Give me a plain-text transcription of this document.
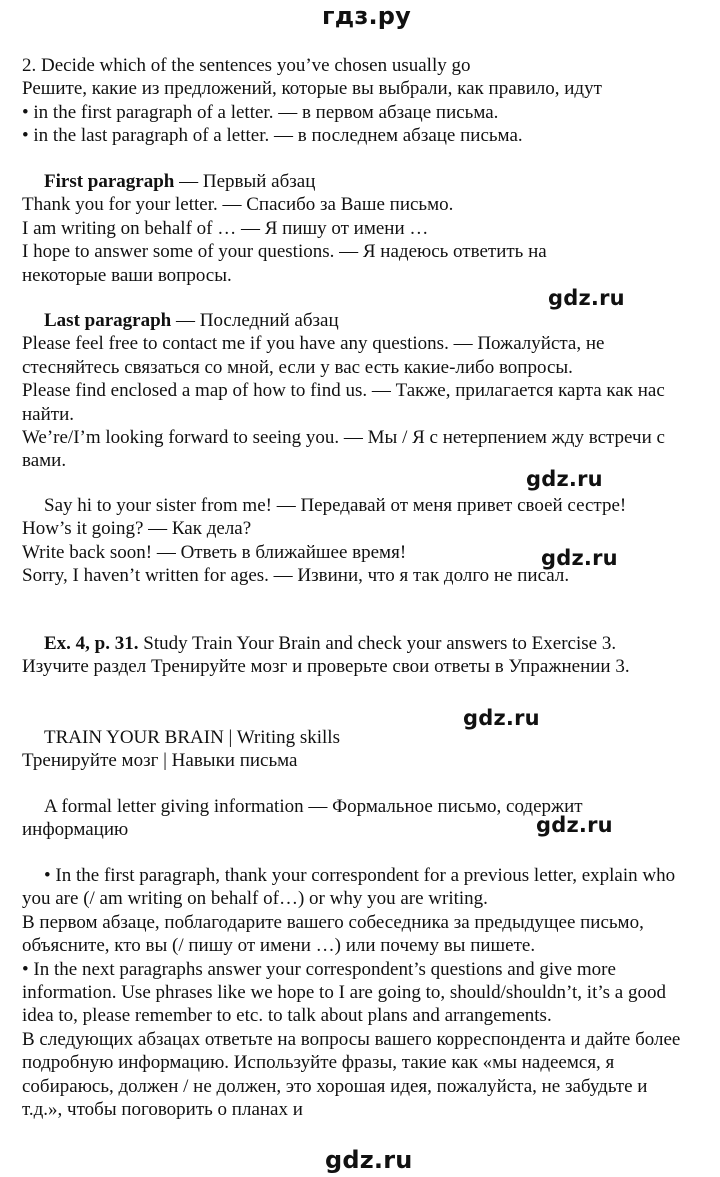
гдз.ру

2. Decide which of the sentences you’ve chosen usually go

Решите, какие из предложений, которые вы выбрали, как правило, идут

• in the first paragraph of a letter. — в первом абзаце письма.

• in the last paragraph of a letter. — в последнем абзаце письма.

First paragraph — Первый абзац

Thank you for your letter. — Спасибо за Ваше письмо.

I am writing on behalf of … — Я пишу от имени …

I hope to answer some of your questions. — Я надеюсь ответить на некоторые ваши вопросы.

gdz.ru

Last paragraph — Последний абзац

Please feel free to contact me if you have any questions. — Пожалуйста, не стесняйтесь связаться со мной, если у вас есть какие-либо вопросы.

Please find enclosed a map of how to find us. — Также, прилагается карта как нас найти.

We’re/I’m looking forward to seeing you. — Мы / Я с нетерпением жду встречи с вами.

gdz.ru

Say hi to your sister from me! — Передавай от меня привет своей сестре!

How’s it going? — Как дела?

Write back soon! — Ответь в ближайшее время!

Sorry, I haven’t written for ages. — Извини, что я так долго не писал.

gdz.ru

Ex. 4, p. 31. Study Train Your Brain and check your answers to Exercise 3.

Изучите раздел Тренируйте мозг и проверьте свои ответы в Упражнении 3.

gdz.ru

TRAIN YOUR BRAIN | Writing skills

Тренируйте мозг | Навыки письма

A formal letter giving information — Формальное письмо, содержит информацию	gdz.ru

• In the first paragraph, thank your correspondent for a previous letter, explain who you are (/ am writing on behalf of…) or why you are writing.

В первом абзаце, поблагодарите вашего собеседника за предыдущее письмо, объясните, кто вы (/ пишу от имени …) или почему вы пишете.

• In the next paragraphs answer your correspondent’s questions and give more information. Use phrases like we hope to I are going to, should/shouldn’t, it’s a good idea to, please remember to etc. to talk about plans and arrangements.

В следующих абзацах ответьте на вопросы вашего корреспондента и дайте более подробную информацию. Используйте фразы, такие как «мы надеемся, я собираюсь, должен / не должен, это хорошая идея, пожалуйста, не забудьте и т.д.», чтобы поговорить о планах и

gdz.ru
